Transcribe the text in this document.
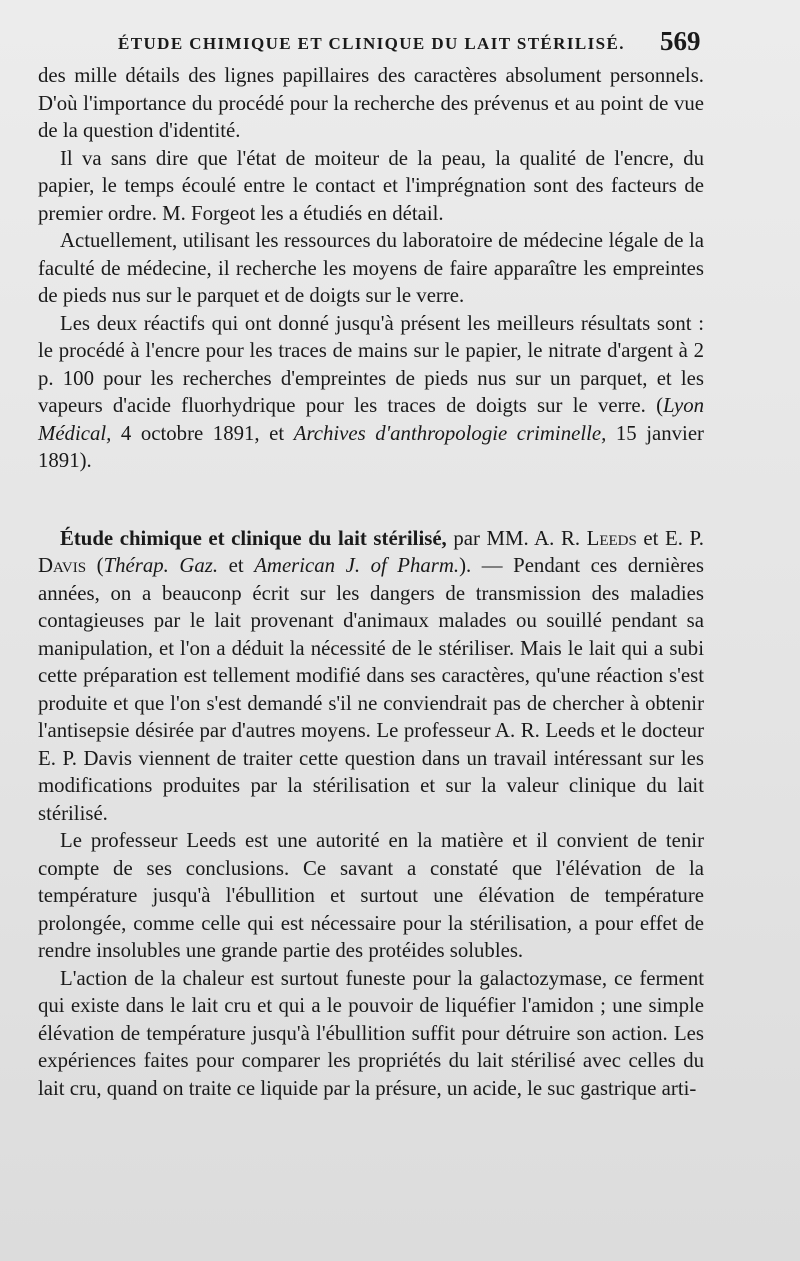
ÉTUDE CHIMIQUE ET CLINIQUE DU LAIT STÉRILISÉ. 569

des mille détails des lignes papillaires des caractères absolument personnels. D'où l'importance du procédé pour la recherche des prévenus et au point de vue de la question d'identité.

Il va sans dire que l'état de moiteur de la peau, la qualité de l'encre, du papier, le temps écoulé entre le contact et l'imprégnation sont des facteurs de premier ordre. M. Forgeot les a étudiés en détail.

Actuellement, utilisant les ressources du laboratoire de médecine légale de la faculté de médecine, il recherche les moyens de faire apparaître les empreintes de pieds nus sur le parquet et de doigts sur le verre.

Les deux réactifs qui ont donné jusqu'à présent les meilleurs résultats sont : le procédé à l'encre pour les traces de mains sur le papier, le nitrate d'argent à 2 p. 100 pour les recherches d'empreintes de pieds nus sur un parquet, et les vapeurs d'acide fluorhydrique pour les traces de doigts sur le verre. (Lyon Médical, 4 octobre 1891, et Archives d'anthropologie criminelle, 15 janvier 1891).

Étude chimique et clinique du lait stérilisé, par MM. A. R. Leeds et E. P. Davis (Thérap. Gaz. et American J. of Pharm.). — Pendant ces dernières années, on a beauconp écrit sur les dangers de transmission des maladies contagieuses par le lait provenant d'animaux malades ou souillé pendant sa manipulation, et l'on a déduit la nécessité de le stériliser. Mais le lait qui a subi cette préparation est tellement modifié dans ses caractères, qu'une réaction s'est produite et que l'on s'est demandé s'il ne conviendrait pas de chercher à obtenir l'antisepsie désirée par d'autres moyens. Le professeur A. R. Leeds et le docteur E. P. Davis viennent de traiter cette question dans un travail intéressant sur les modifications produites par la stérilisation et sur la valeur clinique du lait stérilisé.

Le professeur Leeds est une autorité en la matière et il convient de tenir compte de ses conclusions. Ce savant a constaté que l'élévation de la température jusqu'à l'ébullition et surtout une élévation de température prolongée, comme celle qui est nécessaire pour la stérilisation, a pour effet de rendre insolubles une grande partie des protéides solubles.

L'action de la chaleur est surtout funeste pour la galactozymase, ce ferment qui existe dans le lait cru et qui a le pouvoir de liquéfier l'amidon ; une simple élévation de température jusqu'à l'ébullition suffit pour détruire son action. Les expériences faites pour comparer les propriétés du lait stérilisé avec celles du lait cru, quand on traite ce liquide par la présure, un acide, le suc gastrique arti-
